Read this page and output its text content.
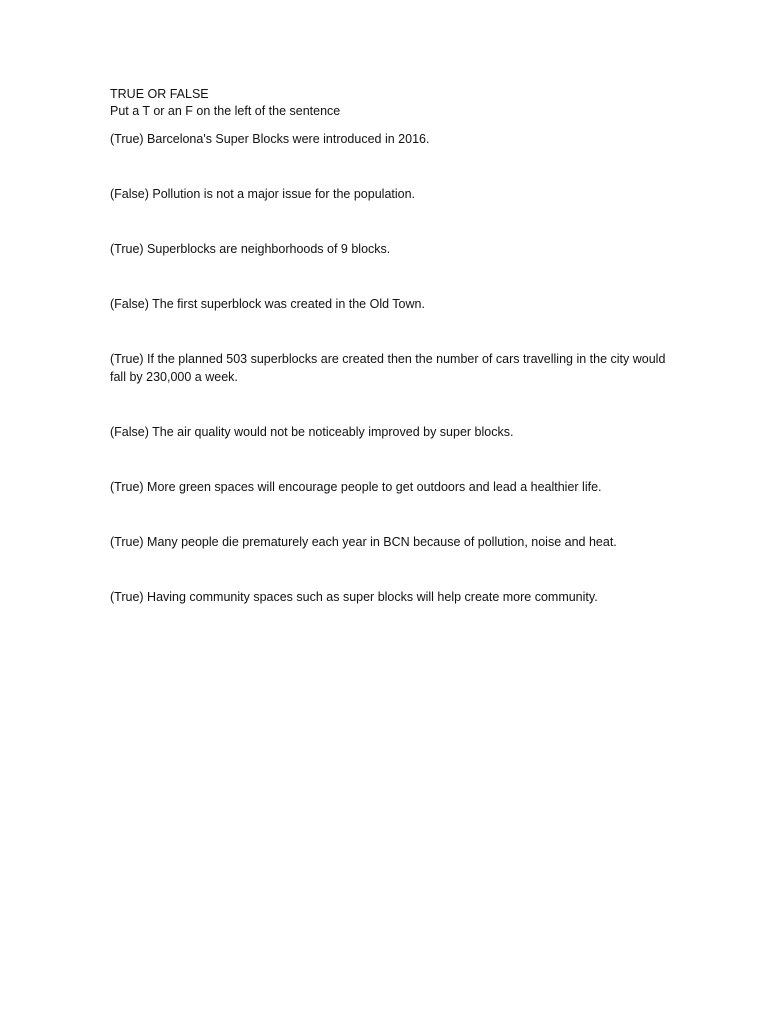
TRUE OR FALSE

Put a T or an F on the left of the sentence

(True) Barcelona's Super Blocks were introduced in 2016.

(False) Pollution is not a major issue for the population.

(True) Superblocks are neighborhoods of 9 blocks.

(False) The first superblock was created in the Old Town.

(True) If the planned 503 superblocks are created then the number of cars travelling in the city would fall by 230,000 a week.

(False) The air quality would not be noticeably improved by super blocks.

(True) More green spaces will encourage people to get outdoors and lead a healthier life.

(True) Many people die prematurely each year in BCN because of pollution, noise and heat.

(True) Having community spaces such as super blocks will help create more community.
